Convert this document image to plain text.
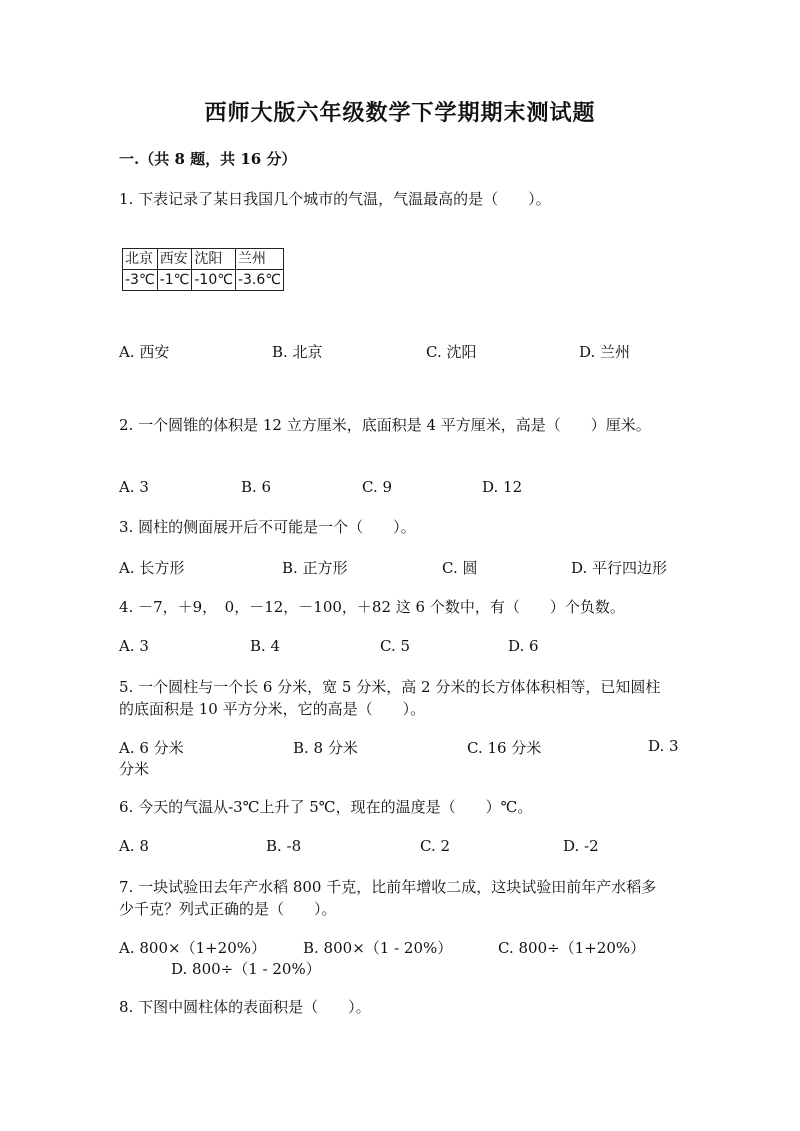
西师大版六年级数学下学期期末测试题
一.（共 8 题，共 16 分）
1. 下表记录了某日我国几个城市的气温，气温最高的是（　　）。
北京	西安	沈阳	兰州
-3℃	-1℃	-10℃	-3.6℃
A. 西安	B. 北京	C. 沈阳	D. 兰州
2. 一个圆锥的体积是 12 立方厘米，底面积是 4 平方厘米，高是（　　）厘米。
A. 3	B. 6	C. 9	D. 12
3. 圆柱的侧面展开后不可能是一个（　　）。
A. 长方形	B. 正方形	C. 圆	D. 平行四边形
4. －7，＋9，　0，－12，－100，＋82 这 6 个数中，有（　　）个负数。
A. 3	B. 4	C. 5	D. 6
5. 一个圆柱与一个长 6 分米，宽 5 分米，高 2 分米的长方体体积相等，已知圆柱的底面积是 10 平方分米，它的高是（　　）。
A. 6 分米	B. 8 分米	C. 16 分米	D. 3
分米
6. 今天的气温从-3℃上升了 5℃，现在的温度是（　　）℃。
A. 8	B. -8	C. 2	D. -2
7. 一块试验田去年产水稻 800 千克，比前年增收二成，这块试验田前年产水稻多少千克？列式正确的是（　　）。
A. 800×（1+20%） B. 800×（1 - 20%）	C. 800÷（1+20%）
D. 800÷（1 - 20%）
8. 下图中圆柱体的表面积是（　　）。
